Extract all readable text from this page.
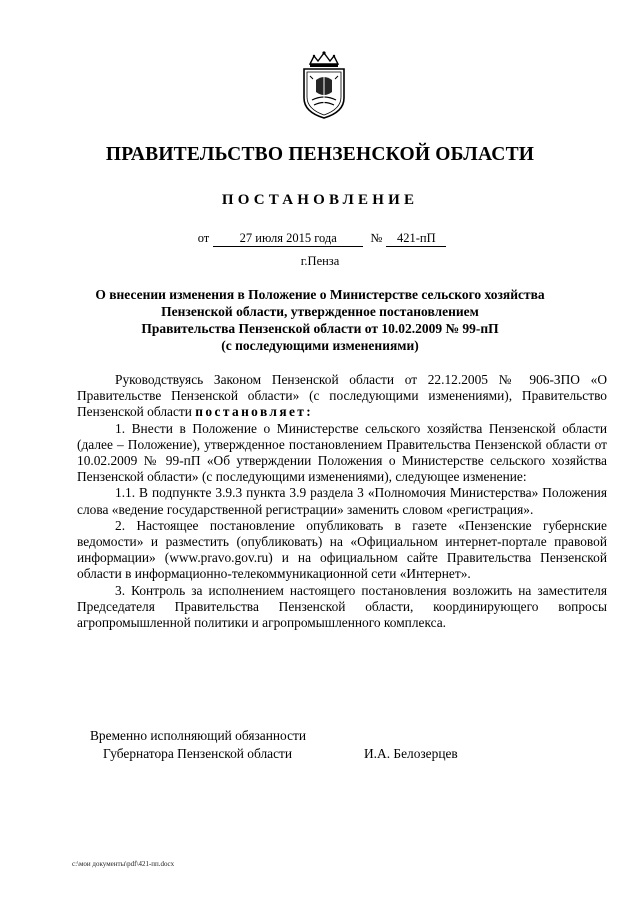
ПРАВИТЕЛЬСТВО ПЕНЗЕНСКОЙ ОБЛАСТИ
ПОСТАНОВЛЕНИЕ
от 27 июля 2015 года	№ 421-пП
г.Пенза
О внесении изменения в Положение о Министерстве сельского хозяйства
Пензенской области, утвержденное постановлением
Правительства Пензенской области от 10.02.2009 № 99-пП
(с последующими изменениями)

Руководствуясь Законом Пензенской области от 22.12.2005 № 906-ЗПО «О Правительстве Пензенской области» (с последующими изменениями), Правительство Пензенской области постановляет:

1. Внести в Положение о Министерстве сельского хозяйства Пензенской области (далее – Положение), утвержденное постановлением Правительства Пензенской области от 10.02.2009 № 99-пП «Об утверждении Положения о Министерстве сельского хозяйства Пензенской области» (с последующими изменениями), следующее изменение:

1.1. В подпункте 3.9.3 пункта 3.9 раздела 3 «Полномочия Министерства» Положения слова «ведение государственной регистрации» заменить словом «регистрация».

2. Настоящее постановление опубликовать в газете «Пензенские губернские ведомости» и разместить (опубликовать) на «Официальном интернет-портале правовой информации» (www.pravo.gov.ru) и на официальном сайте Правительства Пензенской области в информационно-телекоммуникационной сети «Интернет».

3. Контроль за исполнением настоящего постановления возложить на заместителя Председателя Правительства Пензенской области, координирующего вопросы агропромышленной политики и агропромышленного комплекса.

Временно исполняющий обязанности
Губернатора Пензенской области	И.А. Белозерцев
c:\мои документы\pdf\421-пп.docx
